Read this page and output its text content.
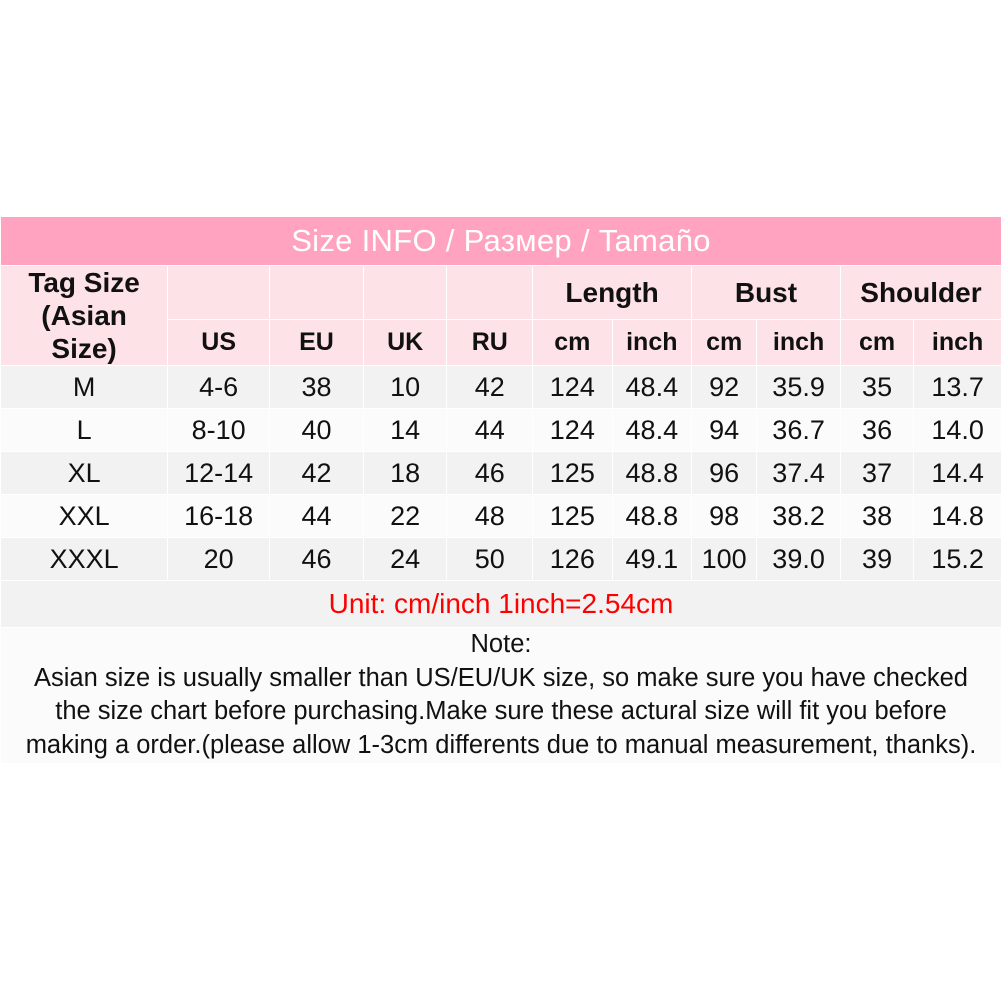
Size INFO / Размер / Tamaño										

Tag Size
(Asian
Size)					Length		Bust		Shoulder	
	US	EU	UK	RU	cm	inch	cm	inch	cm	inch
M	4-6	38	10	42	124	48.4	92	35.9	35	13.7
L	8-10	40	14	44	124	48.4	94	36.7	36	14.0
XL	12-14	42	18	46	125	48.8	96	37.4	37	14.4
XXL	16-18	44	22	48	125	48.8	98	38.2	38	14.8
XXXL	20	46	24	50	126	49.1	100	39.0	39	15.2
Unit: cm/inch 1inch=2.54cm										

Note:
Asian size is usually smaller than US/EU/UK size, so make sure you have checked
the size chart before purchasing.Make sure these actural size will fit you before
making a order.(please allow 1-3cm differents due to manual measurement, thanks).										
